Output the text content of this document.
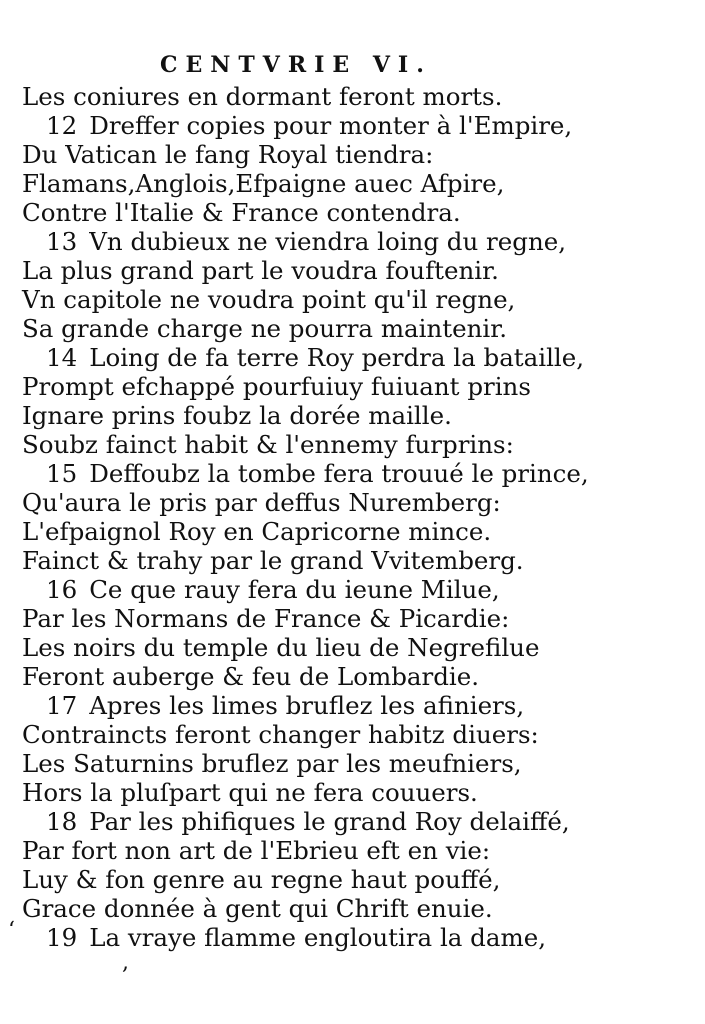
CENTVRIE VI.
Les coniures en dormant feront morts.
12 Dreffer copies pour monter à l'Empire,
Du Vatican le fang Royal tiendra:
Flamans,Anglois,Efpaigne auec Afpire,
Contre l'Italie & France contendra.
13 Vn dubieux ne viendra loing du regne,
La plus grand part le voudra fouftenir.
Vn capitole ne voudra point qu'il regne,
Sa grande charge ne pourra maintenir.
14 Loing de fa terre Roy perdra la bataille,
Prompt efchappé pourfuiuy fuiuant prins
Ignare prins foubz la dorée maille.
Soubz fainct habit & l'ennemy furprins:
15 Deffoubz la tombe fera trouué le prince,
Qu'aura le pris par deffus Nuremberg:
L'efpaignol Roy en Capricorne mince.
Fainct & trahy par le grand Vvitemberg.
16 Ce que rauy fera du ieune Milue,
Par les Normans de France & Picardie:
Les noirs du temple du lieu de Negrefilue
Feront auberge & feu de Lombardie.
17 Apres les limes bruflez les afiniers,
Contraincts feront changer habitz diuers:
Les Saturnins bruflez par les meufniers,
Hors la pluſpart qui ne fera couuers.
18 Par les phifiques le grand Roy delaiffé,
Par fort non art de l'Ebrieu eft en vie:
Luy & fon genre au regne haut pouffé,
Grace donnée à gent qui Chrift enuie.
19 La vraye flamme engloutira la dame,
‘
,
